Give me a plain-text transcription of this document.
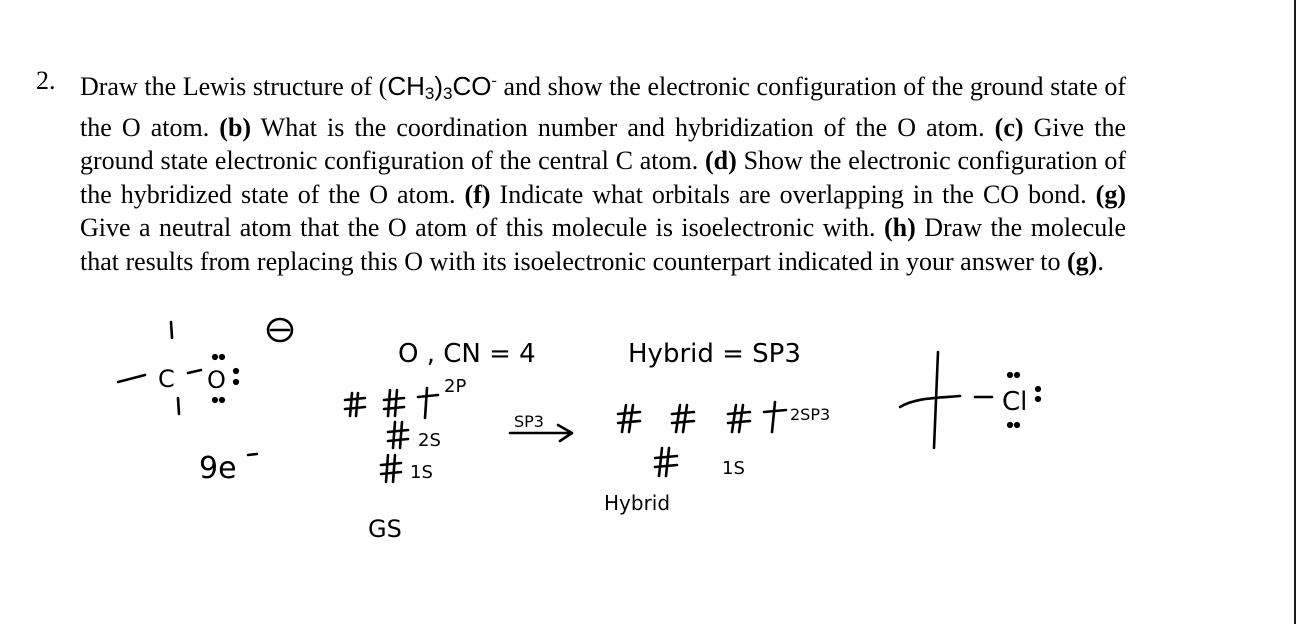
2. Draw the Lewis structure of $(CH_3)_3CO^-$ and show the electronic configuration of the ground state of the O atom. (b) What is the coordination number and hybridization of the O atom. (c) Give the ground state electronic configuration of the central C atom. (d) Show the electronic configuration of the hybridized state of the O atom. (f) Indicate what orbitals are overlapping in the CO bond. (g) Give a neutral atom that the O atom of this molecule is isoelectronic with. (h) Draw the molecule that results from replacing this O with its isoelectronic counterpart indicated in your answer to (g).
C O
9e
O , CN = 4	Hybrid = SP3
2P
2S
1S
GS
SP3	2SP3
1S
Hybrid
Cl
